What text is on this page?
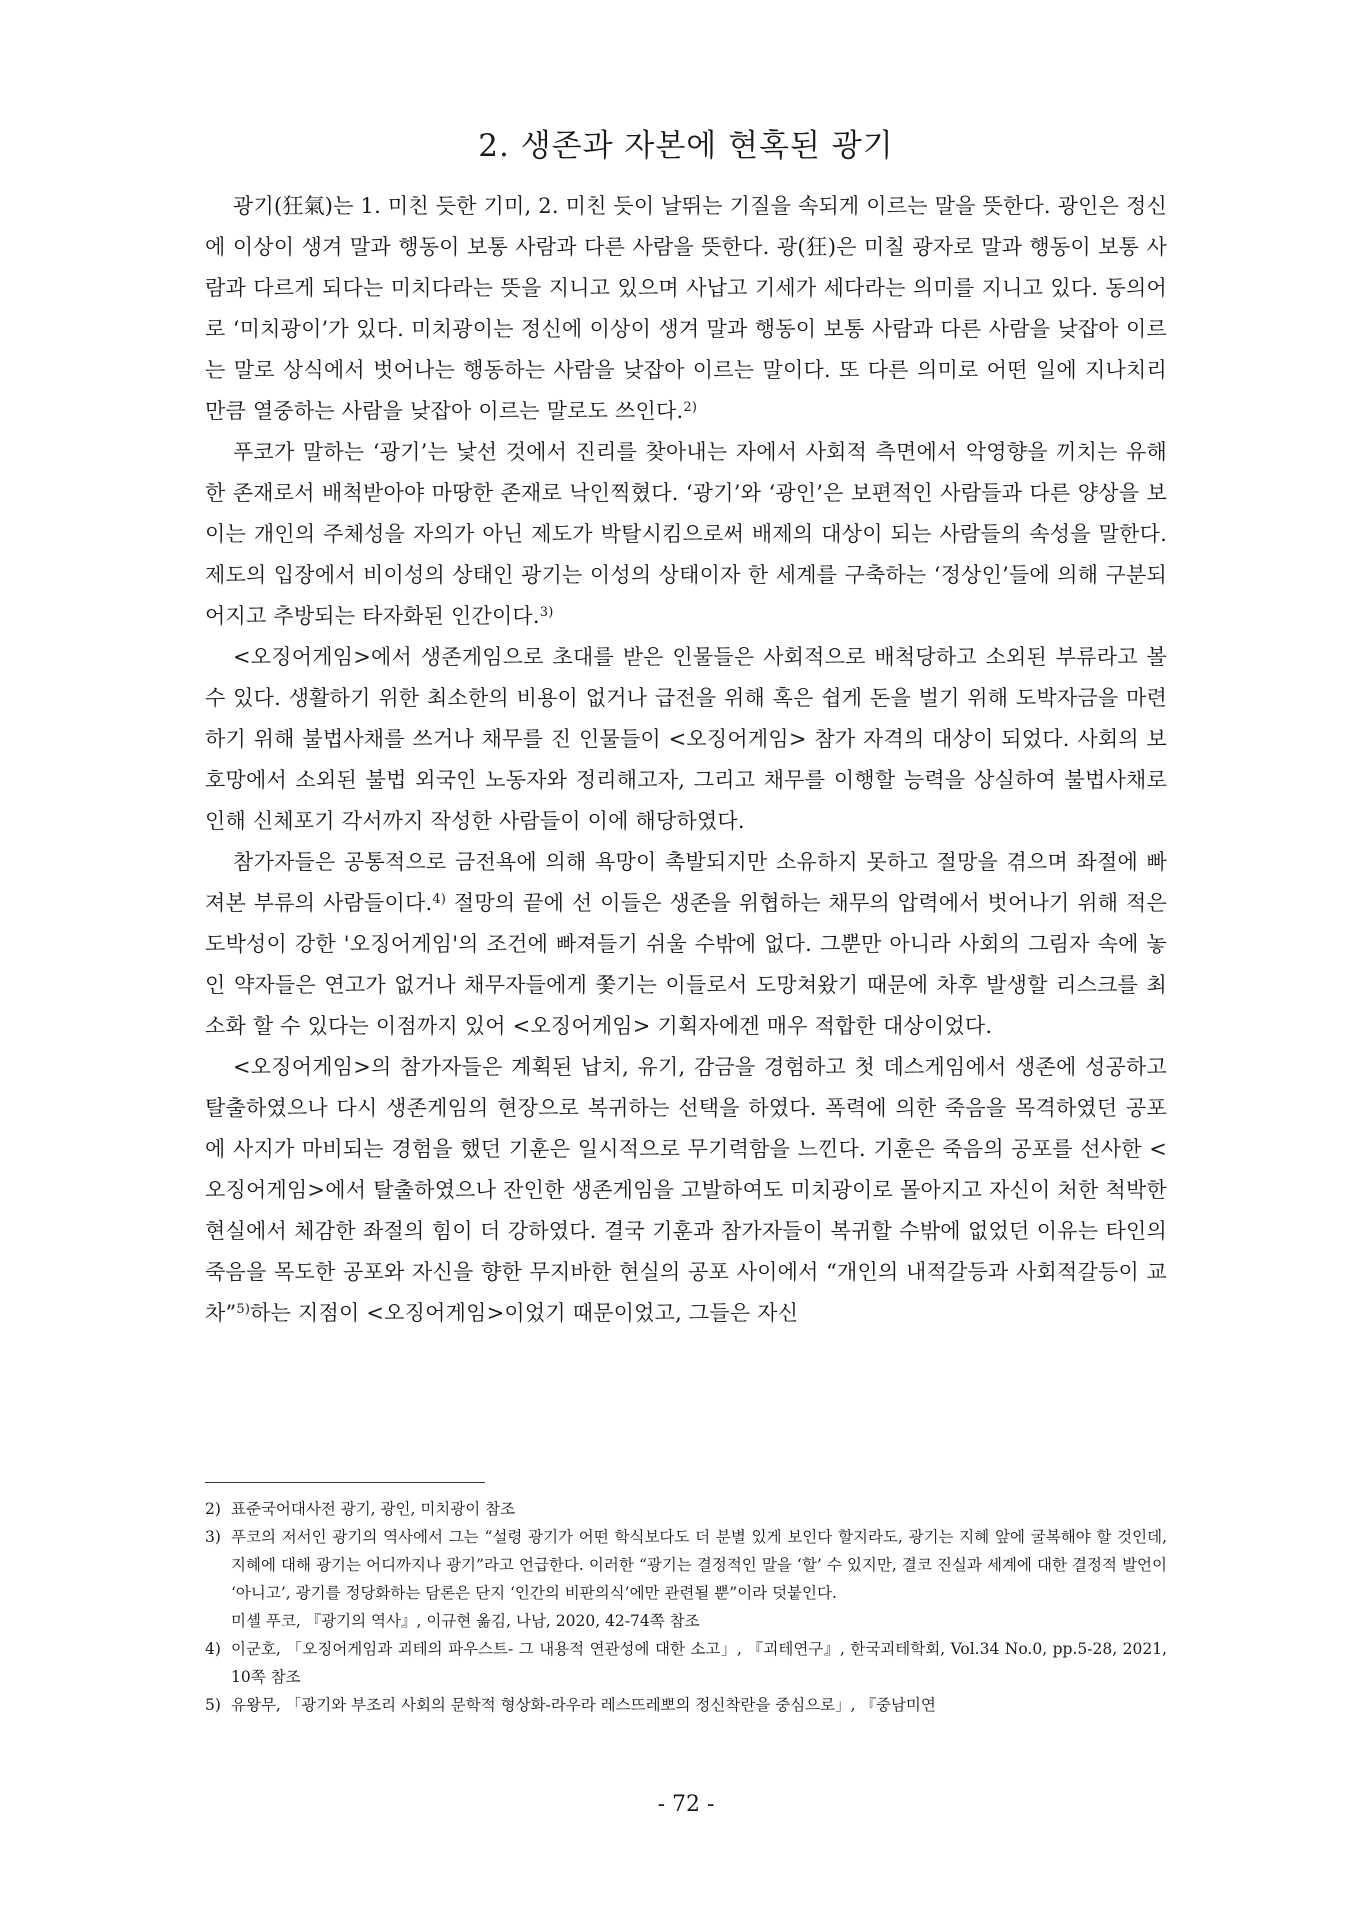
2. 생존과 자본에 현혹된 광기

광기(狂氣)는 1. 미친 듯한 기미, 2. 미친 듯이 날뛰는 기질을 속되게 이르는 말을 뜻한다. 광인은 정신에 이상이 생겨 말과 행동이 보통 사람과 다른 사람을 뜻한다. 광(狂)은 미칠 광자로 말과 행동이 보통 사람과 다르게 되다는 미치다라는 뜻을 지니고 있으며 사납고 기세가 세다라는 의미를 지니고 있다. 동의어로 ‘미치광이’가 있다. 미치광이는 정신에 이상이 생겨 말과 행동이 보통 사람과 다른 사람을 낮잡아 이르는 말로 상식에서 벗어나는 행동하는 사람을 낮잡아 이르는 말이다. 또 다른 의미로 어떤 일에 지나치리만큼 열중하는 사람을 낮잡아 이르는 말로도 쓰인다.$^{2)}$

푸코가 말하는 ‘광기’는 낯선 것에서 진리를 찾아내는 자에서 사회적 측면에서 악영향을 끼치는 유해한 존재로서 배척받아야 마땅한 존재로 낙인찍혔다. ‘광기’와 ‘광인’은 보편적인 사람들과 다른 양상을 보이는 개인의 주체성을 자의가 아닌 제도가 박탈시킴으로써 배제의 대상이 되는 사람들의 속성을 말한다. 제도의 입장에서 비이성의 상태인 광기는 이성의 상태이자 한 세계를 구축하는 ‘정상인’들에 의해 구분되어지고 추방되는 타자화된 인간이다.$^{3)}$

<오징어게임>에서 생존게임으로 초대를 받은 인물들은 사회적으로 배척당하고 소외된 부류라고 볼 수 있다. 생활하기 위한 최소한의 비용이 없거나 급전을 위해 혹은 쉽게 돈을 벌기 위해 도박자금을 마련하기 위해 불법사채를 쓰거나 채무를 진 인물들이 <오징어게임> 참가 자격의 대상이 되었다. 사회의 보호망에서 소외된 불법 외국인 노동자와 정리해고자, 그리고 채무를 이행할 능력을 상실하여 불법사채로 인해 신체포기 각서까지 작성한 사람들이 이에 해당하였다.

참가자들은 공통적으로 금전욕에 의해 욕망이 촉발되지만 소유하지 못하고 절망을 겪으며 좌절에 빠져본 부류의 사람들이다.$^{4)}$ 절망의 끝에 선 이들은 생존을 위협하는 채무의 압력에서 벗어나기 위해 적은 도박성이 강한 '오징어게임'의 조건에 빠져들기 쉬울 수밖에 없다. 그뿐만 아니라 사회의 그림자 속에 놓인 약자들은 연고가 없거나 채무자들에게 쫓기는 이들로서 도망쳐왔기 때문에 차후 발생할 리스크를 최소화 할 수 있다는 이점까지 있어 <오징어게임> 기획자에겐 매우 적합한 대상이었다.

<오징어게임>의 참가자들은 계획된 납치, 유기, 감금을 경험하고 첫 데스게임에서 생존에 성공하고 탈출하였으나 다시 생존게임의 현장으로 복귀하는 선택을 하였다. 폭력에 의한 죽음을 목격하였던 공포에 사지가 마비되는 경험을 했던 기훈은 일시적으로 무기력함을 느낀다. 기훈은 죽음의 공포를 선사한 <오징어게임>에서 탈출하였으나 잔인한 생존게임을 고발하여도 미치광이로 몰아지고 자신이 처한 척박한 현실에서 체감한 좌절의 힘이 더 강하였다. 결국 기훈과 참가자들이 복귀할 수밖에 없었던 이유는 타인의 죽음을 목도한 공포와 자신을 향한 무지바한 현실의 공포 사이에서 “개인의 내적갈등과 사회적갈등이 교차”$^{5)}$하는 지점이 <오징어게임>이었기 때문이었고, 그들은 자신

2) 표준국어대사전 광기, 광인, 미치광이 참조
3) 푸코의 저서인 광기의 역사에서 그는 “설령 광기가 어떤 학식보다도 더 분별 있게 보인다 할지라도, 광기는 지혜 앞에 굴복해야 할 것인데, 지혜에 대해 광기는 어디까지나 광기”라고 언급한다. 이러한 “광기는 결정적인 말을 ‘할’ 수 있지만, 결코 진실과 세계에 대한 결정적 발언이 ‘아니고’, 광기를 정당화하는 담론은 단지 ‘인간의 비판의식’에만 관련될 뿐”이라 덧붙인다.
미셸 푸코, 『광기의 역사』, 이규현 옮김, 나남, 2020, 42-74쪽 참조
4) 이군호, 「오징어게임과 괴테의 파우스트- 그 내용적 연관성에 대한 소고」, 『괴테연구』, 한국괴테학회, Vol.34 No.0, pp.5-28, 2021, 10쪽 참조
5) 유왕무, 「광기와 부조리 사회의 문학적 형상화-라우라 레스뜨레뽀의 정신착란을 중심으로」, 『중남미연
- 72 -
